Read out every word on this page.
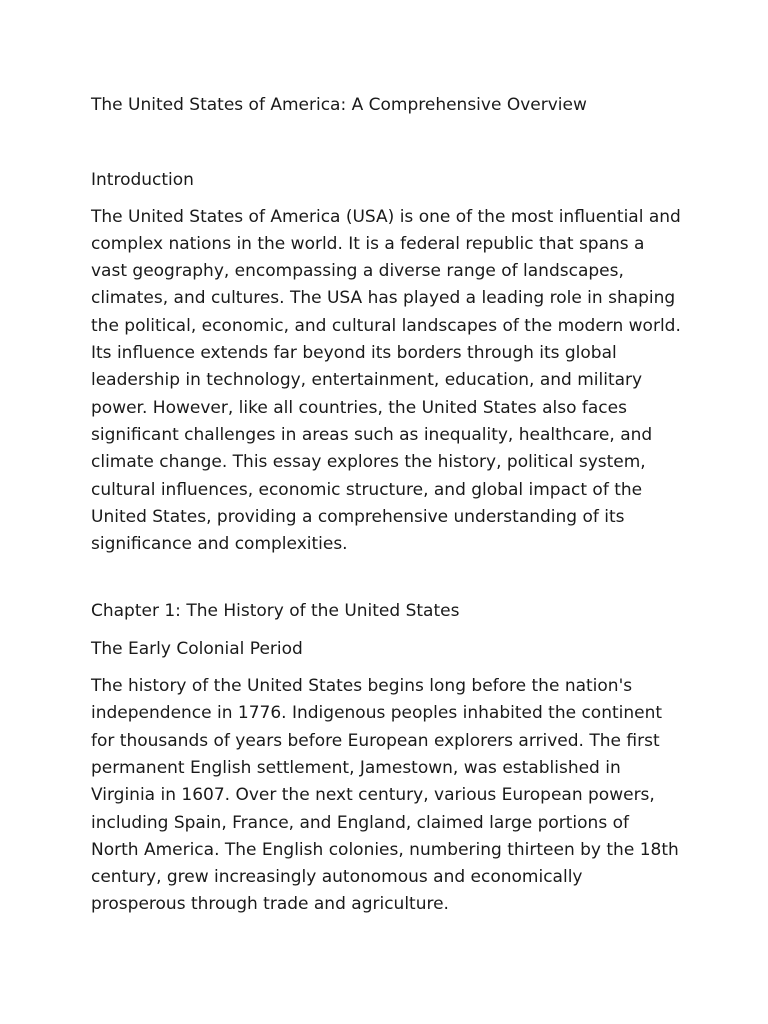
The United States of America: A Comprehensive Overview

Introduction

The United States of America (USA) is one of the most influential and complex nations in the world. It is a federal republic that spans a vast geography, encompassing a diverse range of landscapes, climates, and cultures. The USA has played a leading role in shaping the political, economic, and cultural landscapes of the modern world. Its influence extends far beyond its borders through its global leadership in technology, entertainment, education, and military power. However, like all countries, the United States also faces significant challenges in areas such as inequality, healthcare, and climate change. This essay explores the history, political system, cultural influences, economic structure, and global impact of the United States, providing a comprehensive understanding of its significance and complexities.

Chapter 1: The History of the United States

The Early Colonial Period

The history of the United States begins long before the nation's independence in 1776. Indigenous peoples inhabited the continent for thousands of years before European explorers arrived. The first permanent English settlement, Jamestown, was established in Virginia in 1607. Over the next century, various European powers, including Spain, France, and England, claimed large portions of North America. The English colonies, numbering thirteen by the 18th century, grew increasingly autonomous and economically prosperous through trade and agriculture.
